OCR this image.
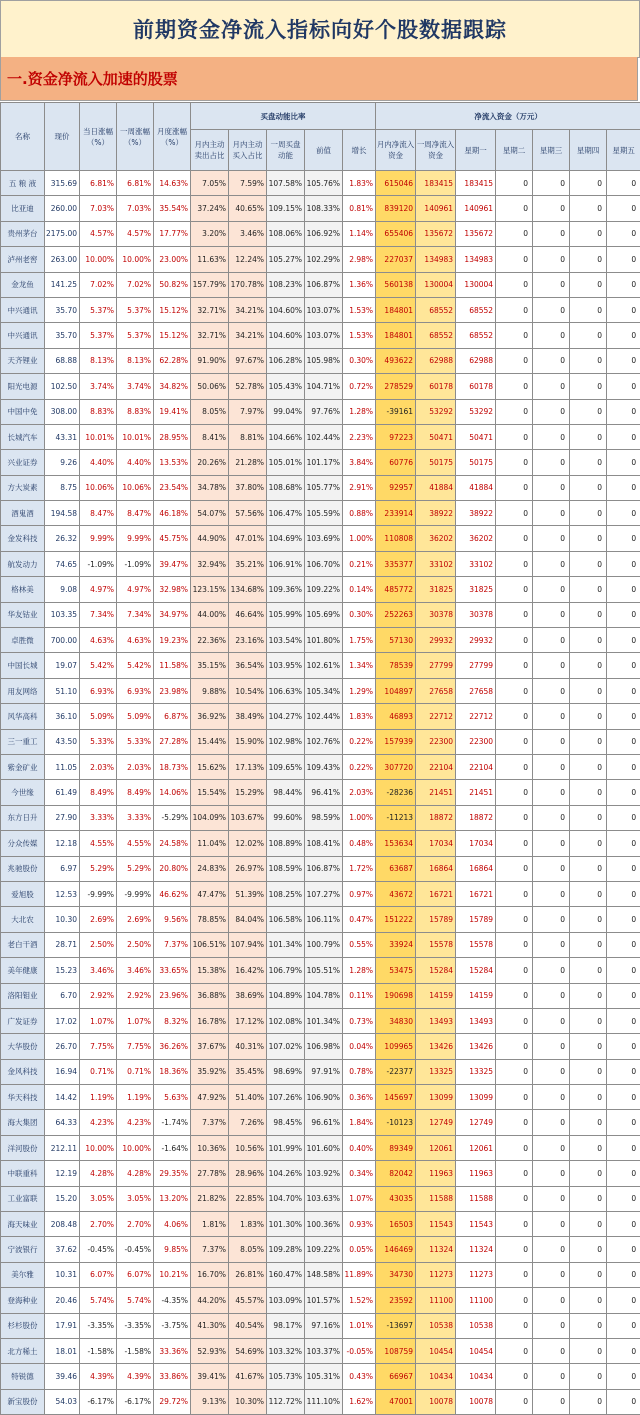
前期资金净流入指标向好个股数据跟踪
一.资金净流入加速的股票
名称	现价	当日涨幅（%）	一周涨幅（%）	月度涨幅（%）	买盘动能比率					净流入资金（万元）						
					月内主动卖出占比	月内主动买入占比	一周买盘动能	前值	增长	月内净流入资金	一周净流入资金	星期一	星期二	星期三	星期四	星期五
五 粮 液	315.69	6.81%	6.81%	14.63%	7.05%	7.59%	107.58%	105.76%	1.83%	615046	183415	183415	0	0	0	0
比亚迪	260.00	7.03%	7.03%	35.54%	37.24%	40.65%	109.15%	108.33%	0.81%	839120	140961	140961	0	0	0	0
贵州茅台	2175.00	4.57%	4.57%	17.77%	3.20%	3.46%	108.06%	106.92%	1.14%	655406	135672	135672	0	0	0	0
泸州老窖	263.00	10.00%	10.00%	23.00%	11.63%	12.24%	105.27%	102.29%	2.98%	227037	134983	134983	0	0	0	0
金龙鱼	141.25	7.02%	7.02%	50.82%	157.79%	170.78%	108.23%	106.87%	1.36%	560138	130004	130004	0	0	0	0
中兴通讯	35.70	5.37%	5.37%	15.12%	32.71%	34.21%	104.60%	103.07%	1.53%	184801	68552	68552	0	0	0	0
中兴通讯	35.70	5.37%	5.37%	15.12%	32.71%	34.21%	104.60%	103.07%	1.53%	184801	68552	68552	0	0	0	0
天齐锂业	68.88	8.13%	8.13%	62.28%	91.90%	97.67%	106.28%	105.98%	0.30%	493622	62988	62988	0	0	0	0
阳光电源	102.50	3.74%	3.74%	34.82%	50.06%	52.78%	105.43%	104.71%	0.72%	278529	60178	60178	0	0	0	0
中国中免	308.00	8.83%	8.83%	19.41%	8.05%	7.97%	99.04%	97.76%	1.28%	-39161	53292	53292	0	0	0	0
长城汽车	43.31	10.01%	10.01%	28.95%	8.41%	8.81%	104.66%	102.44%	2.23%	97223	50471	50471	0	0	0	0
兴业证券	9.26	4.40%	4.40%	13.53%	20.26%	21.28%	105.01%	101.17%	3.84%	60776	50175	50175	0	0	0	0
方大炭素	8.75	10.06%	10.06%	23.54%	34.78%	37.80%	108.68%	105.77%	2.91%	92957	41884	41884	0	0	0	0
酒鬼酒	194.58	8.47%	8.47%	46.18%	54.07%	57.56%	106.47%	105.59%	0.88%	233914	38922	38922	0	0	0	0
金发科技	26.32	9.99%	9.99%	45.75%	44.90%	47.01%	104.69%	103.69%	1.00%	110808	36202	36202	0	0	0	0
航发动力	74.65	-1.09%	-1.09%	39.47%	32.94%	35.21%	106.91%	106.70%	0.21%	335377	33102	33102	0	0	0	0
格林美	9.08	4.97%	4.97%	32.98%	123.15%	134.68%	109.36%	109.22%	0.14%	485772	31825	31825	0	0	0	0
华友钴业	103.35	7.34%	7.34%	34.97%	44.00%	46.64%	105.99%	105.69%	0.30%	252263	30378	30378	0	0	0	0
卓胜微	700.00	4.63%	4.63%	19.23%	22.36%	23.16%	103.54%	101.80%	1.75%	57130	29932	29932	0	0	0	0
中国长城	19.07	5.42%	5.42%	11.58%	35.15%	36.54%	103.95%	102.61%	1.34%	78539	27799	27799	0	0	0	0
用友网络	51.10	6.93%	6.93%	23.98%	9.88%	10.54%	106.63%	105.34%	1.29%	104897	27658	27658	0	0	0	0
风华高科	36.10	5.09%	5.09%	6.87%	36.92%	38.49%	104.27%	102.44%	1.83%	46893	22712	22712	0	0	0	0
三一重工	43.50	5.33%	5.33%	27.28%	15.44%	15.90%	102.98%	102.76%	0.22%	157939	22300	22300	0	0	0	0
紫金矿业	11.05	2.03%	2.03%	18.73%	15.62%	17.13%	109.65%	109.43%	0.22%	307720	22104	22104	0	0	0	0
今世缘	61.49	8.49%	8.49%	14.06%	15.54%	15.29%	98.44%	96.41%	2.03%	-28236	21451	21451	0	0	0	0
东方日升	27.90	3.33%	3.33%	-5.29%	104.09%	103.67%	99.60%	98.59%	1.00%	-11213	18872	18872	0	0	0	0
分众传媒	12.18	4.55%	4.55%	24.58%	11.04%	12.02%	108.89%	108.41%	0.48%	153634	17034	17034	0	0	0	0
兆驰股份	6.97	5.29%	5.29%	20.80%	24.83%	26.97%	108.59%	106.87%	1.72%	63687	16864	16864	0	0	0	0
爱旭股	12.53	-9.99%	-9.99%	46.62%	47.47%	51.39%	108.25%	107.27%	0.97%	43672	16721	16721	0	0	0	0
大北农	10.30	2.69%	2.69%	9.56%	78.85%	84.04%	106.58%	106.11%	0.47%	151222	15789	15789	0	0	0	0
老白干酒	28.71	2.50%	2.50%	7.37%	106.51%	107.94%	101.34%	100.79%	0.55%	33924	15578	15578	0	0	0	0
美年健康	15.23	3.46%	3.46%	33.65%	15.38%	16.42%	106.79%	105.51%	1.28%	53475	15284	15284	0	0	0	0
洛阳钼业	6.70	2.92%	2.92%	23.96%	36.88%	38.69%	104.89%	104.78%	0.11%	190698	14159	14159	0	0	0	0
广发证券	17.02	1.07%	1.07%	8.32%	16.78%	17.12%	102.08%	101.34%	0.73%	34830	13493	13493	0	0	0	0
大华股份	26.70	7.75%	7.75%	36.26%	37.67%	40.31%	107.02%	106.98%	0.04%	109965	13426	13426	0	0	0	0
金风科技	16.94	0.71%	0.71%	18.36%	35.92%	35.45%	98.69%	97.91%	0.78%	-22377	13325	13325	0	0	0	0
华天科技	14.42	1.19%	1.19%	5.63%	47.92%	51.40%	107.26%	106.90%	0.36%	145697	13099	13099	0	0	0	0
海大集团	64.33	4.23%	4.23%	-1.74%	7.37%	7.26%	98.45%	96.61%	1.84%	-10123	12749	12749	0	0	0	0
洋河股份	212.11	10.00%	10.00%	-1.64%	10.36%	10.56%	101.99%	101.60%	0.40%	89349	12061	12061	0	0	0	0
中联重科	12.19	4.28%	4.28%	29.35%	27.78%	28.96%	104.26%	103.92%	0.34%	82042	11963	11963	0	0	0	0
工业富联	15.20	3.05%	3.05%	13.20%	21.82%	22.85%	104.70%	103.63%	1.07%	43035	11588	11588	0	0	0	0
海天味业	208.48	2.70%	2.70%	4.06%	1.81%	1.83%	101.30%	100.36%	0.93%	16503	11543	11543	0	0	0	0
宁波银行	37.62	-0.45%	-0.45%	9.85%	7.37%	8.05%	109.28%	109.22%	0.05%	146469	11324	11324	0	0	0	0
美尔雅	10.31	6.07%	6.07%	10.21%	16.70%	26.81%	160.47%	148.58%	11.89%	34730	11273	11273	0	0	0	0
登海种业	20.46	5.74%	5.74%	-4.35%	44.20%	45.57%	103.09%	101.57%	1.52%	23592	11100	11100	0	0	0	0
杉杉股份	17.91	-3.35%	-3.35%	-3.75%	41.30%	40.54%	98.17%	97.16%	1.01%	-13697	10538	10538	0	0	0	0
北方稀土	18.01	-1.58%	-1.58%	33.36%	52.93%	54.69%	103.32%	103.37%	-0.05%	108759	10454	10454	0	0	0	0
特锐德	39.46	4.39%	4.39%	33.86%	39.41%	41.67%	105.73%	105.31%	0.43%	66967	10434	10434	0	0	0	0
新宝股份	54.03	-6.17%	-6.17%	29.72%	9.13%	10.30%	112.72%	111.10%	1.62%	47001	10078	10078	0	0	0	0
